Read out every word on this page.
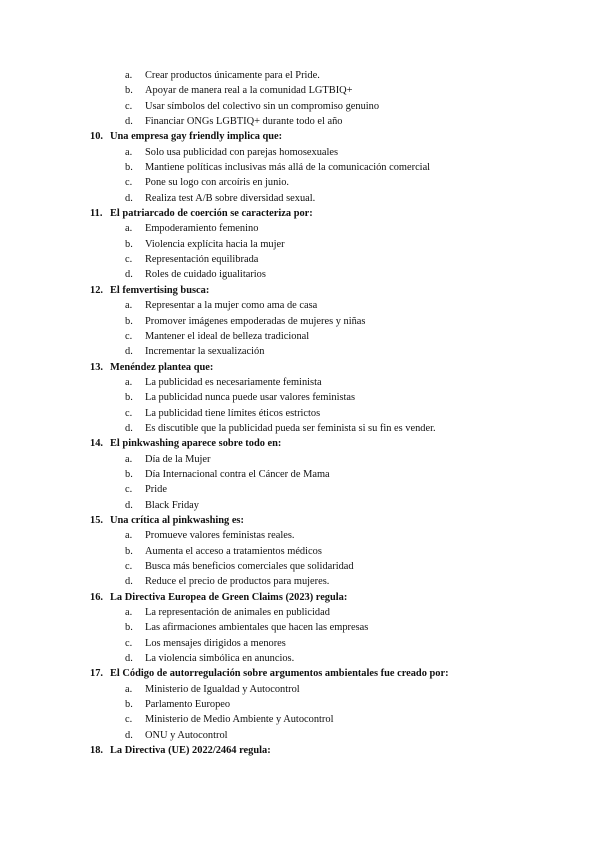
a. Crear productos únicamente para el Pride.
b. Apoyar de manera real a la comunidad LGTBIQ+
c. Usar símbolos del colectivo sin un compromiso genuino
d. Financiar ONGs LGBTIQ+ durante todo el año
10. Una empresa gay friendly implica que:
a. Solo usa publicidad con parejas homosexuales
b. Mantiene políticas inclusivas más allá de la comunicación comercial
c. Pone su logo con arcoíris en junio.
d. Realiza test A/B sobre diversidad sexual.
11. El patriarcado de coerción se caracteriza por:
a. Empoderamiento femenino
b. Violencia explícita hacia la mujer
c. Representación equilibrada
d. Roles de cuidado igualitarios
12. El femvertising busca:
a. Representar a la mujer como ama de casa
b. Promover imágenes empoderadas de mujeres y niñas
c. Mantener el ideal de belleza tradicional
d. Incrementar la sexualización
13. Menéndez plantea que:
a. La publicidad es necesariamente feminista
b. La publicidad nunca puede usar valores feministas
c. La publicidad tiene límites éticos estrictos
d. Es discutible que la publicidad pueda ser feminista si su fin es vender.
14. El pinkwashing aparece sobre todo en:
a. Día de la Mujer
b. Día Internacional contra el Cáncer de Mama
c. Pride
d. Black Friday
15. Una crítica al pinkwashing es:
a. Promueve valores feministas reales.
b. Aumenta el acceso a tratamientos médicos
c. Busca más beneficios comerciales que solidaridad
d. Reduce el precio de productos para mujeres.
16. La Directiva Europea de Green Claims (2023) regula:
a. La representación de animales en publicidad
b. Las afirmaciones ambientales que hacen las empresas
c. Los mensajes dirigidos a menores
d. La violencia simbólica en anuncios.
17. El Código de autorregulación sobre argumentos ambientales fue creado por:
a. Ministerio de Igualdad y Autocontrol
b. Parlamento Europeo
c. Ministerio de Medio Ambiente y Autocontrol
d. ONU y Autocontrol
18. La Directiva (UE) 2022/2464 regula:
